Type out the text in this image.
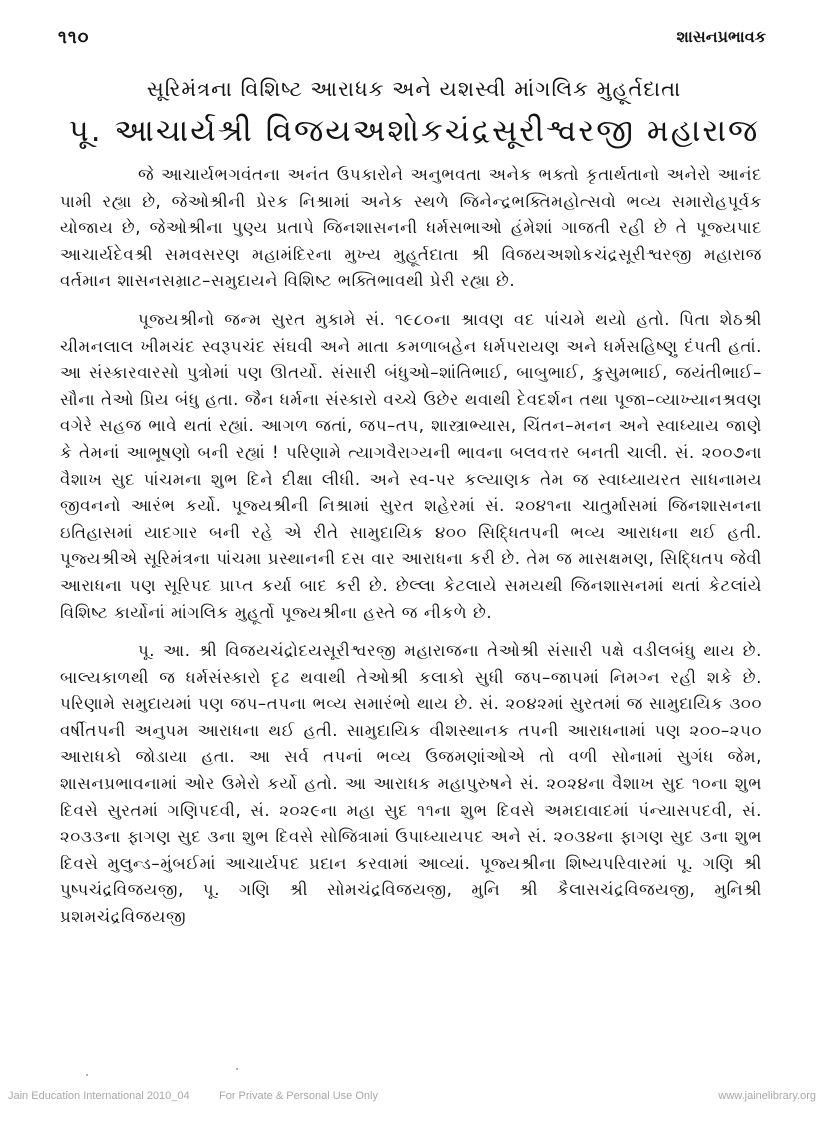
૧૧૦	શાસનપ્રભાવક
સૂરિમંત્રના વિશિષ્ટ આરાધક અને યશસ્વી માંગલિક મુહૂર્તદાતા
પૂ. આચાર્યશ્રી વિજયઅશોકચંદ્રસૂરીશ્વરજી મહારાજ

જે આચાર્યભગવંતના અનંત ઉપકારોને અનુભવતા અનેક ભક્તો કૃતાર્થતાનો અનેરો આનંદ પામી રહ્યા છે, જેઓશ્રીની પ્રેરક નિશ્રામાં અનેક સ્થળે જિનેન્દ્રભક્તિમહોત્સવો ભવ્ય સમારોહપૂર્વક યોજાય છે, જેઓશ્રીના પુણ્ય પ્રતાપે જિનશાસનની ધર્મસભાઓ હંમેશાં ગાજતી રહી છે તે પૂજ્યપાદ આચાર્યદેવશ્રી સમવસરણ મહામંદિરના મુખ્ય મુહૂર્તદાતા શ્રી વિજયઅશોકચંદ્રસૂરીશ્વરજી મહારાજ વર્તમાન શાસનસમ્રાટ–સમુદાયને વિશિષ્ટ ભક્તિભાવથી પ્રેરી રહ્યા છે.

પૂજ્યશ્રીનો જન્મ સુરત મુકામે સં. ૧૯૮૦ના શ્રાવણ વદ પાંચમે થયો હતો. પિતા શેઠશ્રી ચીમનલાલ ખીમચંદ સ્વરૂપચંદ સંઘવી અને માતા કમળાબહેન ધર્મપરાયણ અને ધર્મસહિષ્ણુ દંપતી હતાં. આ સંસ્કારવારસો પુત્રોમાં પણ ઊતર્યો. સંસારી બંધુઓ–શાંતિભાઈ, બાબુભાઈ, કુસુમભાઈ, જયંતીભાઈ–સૌના તેઓ પ્રિય બંધુ હતા. જૈન ધર્મના સંસ્કારો વચ્ચે ઉછેર થવાથી દેવદર્શન તથા પૂજા–વ્યાખ્યાનશ્રવણ વગેરે સહજ ભાવે થતાં રહ્યાં. આગળ જતાં, જપ–તપ, શાસ્ત્રાભ્યાસ, ચિંતન–મનન અને સ્વાધ્યાય જાણે કે તેમનાં આભૂષણો બની રહ્યાં ! પરિણામે ત્યાગવૈરાગ્યની ભાવના બલવત્તર બનતી ચાલી. સં. ૨૦૦૭ના વૈશાખ સુદ પાંચમના શુભ દિને દીક્ષા લીધી. અને સ્વ-પર કલ્યાણક તેમ જ સ્વાધ્યાયરત સાધનામય જીવનનો આરંભ કર્યો. પૂજ્યશ્રીની નિશ્રામાં સુરત શહેરમાં સં. ૨૦૪૧ના ચાતુર્માસમાં જિનશાસનના ઇતિહાસમાં યાદગાર બની રહે એ રીતે સામુદાયિક ૪૦૦ સિદ્ધિતપની ભવ્ય આરાધના થઈ હતી. પૂજ્યશ્રીએ સૂરિમંત્રના પાંચમા પ્રસ્થાનની દસ વાર આરાધના કરી છે. તેમ જ માસક્ષમણ, સિદ્ધિતપ જેવી આરાધના પણ સૂરિપદ પ્રાપ્ત કર્યા બાદ કરી છે. છેલ્લા કેટલાયે સમયથી જિનશાસનમાં થતાં કેટલાંયે વિશિષ્ટ કાર્યોનાં માંગલિક મુહૂર્તો પૂજ્યશ્રીના હસ્તે જ નીકળે છે.

પૂ. આ. શ્રી વિજયચંદ્રોદયસૂરીશ્વરજી મહારાજના તેઓશ્રી સંસારી પક્ષે વડીલબંધુ થાય છે. બાલ્યકાળથી જ ધર્મસંસ્કારો દૃઢ થવાથી તેઓશ્રી કલાકો સુધી જપ–જાપમાં નિમગ્ન રહી શકે છે. પરિણામે સમુદાયમાં પણ જપ–તપના ભવ્ય સમારંભો થાય છે. સં. ૨૦૪૨માં સુરતમાં જ સામુદાયિક ૩૦૦ વર્ષીતપની અનુપમ આરાધના થઈ હતી. સામુદાયિક વીશસ્થાનક તપની આરાધનામાં પણ ૨૦૦–૨૫૦ આરાધકો જોડાયા હતા. આ સર્વ તપનાં ભવ્ય ઉજમણાંઓએ તો વળી સોનામાં સુગંધ જેમ, શાસનપ્રભાવનામાં ઓર ઉમેરો કર્યો હતો. આ આરાધક મહાપુરુષને સં. ૨૦૨૪ના વૈશાખ સુદ ૧૦ના શુભ દિવસે સુરતમાં ગણિપદવી, સં. ૨૦૨૯ના મહા સુદ ૧૧ના શુભ દિવસે અમદાવાદમાં પંન્યાસપદવી, સં. ૨૦૩૩ના ફાગણ સુદ ૩ના શુભ દિવસે સોજિત્રામાં ઉપાધ્યાયપદ અને સં. ૨૦૩૪ના ફાગણ સુદ ૩ના શુભ દિવસે મુલુન્ડ–મુંબઈમાં આચાર્યપદ પ્રદાન કરવામાં આવ્યાં. પૂજ્યશ્રીના શિષ્યપરિવારમાં પૂ. ગણિ શ્રી પુષ્પચંદ્રવિજયજી, પૂ. ગણિ શ્રી સોમચંદ્રવિજયજી, મુનિ શ્રી કૈલાસચંદ્રવિજયજી, મુનિશ્રી પ્રશમચંદ્રવિજયજી

Jain Education International 2010_04	For Private & Personal Use Only	www.jainelibrary.org
